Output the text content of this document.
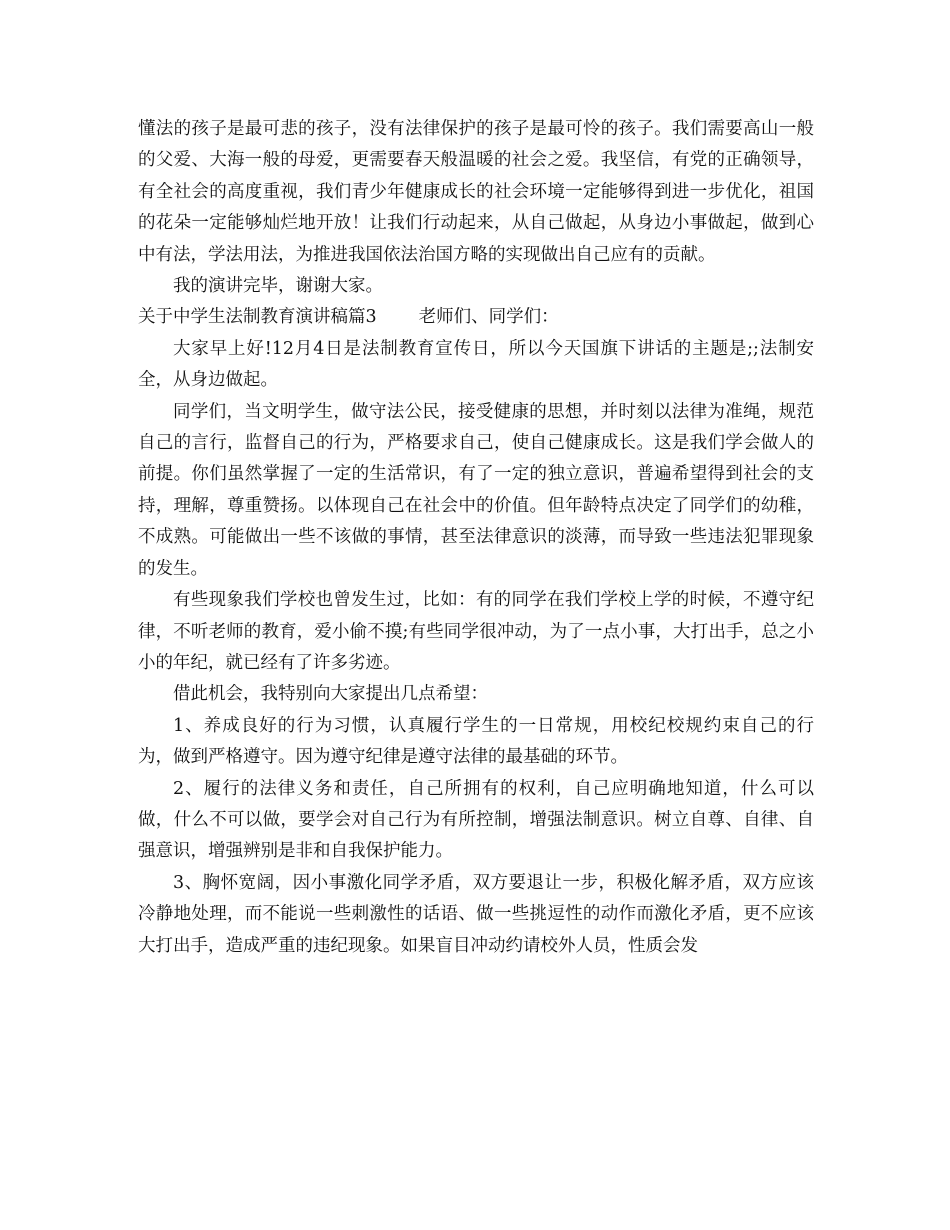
懂法的孩子是最可悲的孩子，没有法律保护的孩子是最可怜的孩子。我们需要高山一般的父爱、大海一般的母爱，更需要春天般温暖的社会之爱。我坚信，有党的正确领导，有全社会的高度重视，我们青少年健康成长的社会环境一定能够得到进一步优化，祖国的花朵一定能够灿烂地开放！让我们行动起来，从自己做起，从身边小事做起，做到心中有法，学法用法，为推进我国依法治国方略的实现做出自己应有的贡献。

我的演讲完毕，谢谢大家。

关于中学生法制教育演讲稿篇3 老师们、同学们：

大家早上好!12月4日是法制教育宣传日，所以今天国旗下讲话的主题是;;法制安全，从身边做起。

同学们，当文明学生，做守法公民，接受健康的思想，并时刻以法律为准绳，规范自己的言行，监督自己的行为，严格要求自己，使自己健康成长。这是我们学会做人的前提。你们虽然掌握了一定的生活常识，有了一定的独立意识，普遍希望得到社会的支持，理解，尊重赞扬。以体现自己在社会中的价值。但年龄特点决定了同学们的幼稚，不成熟。可能做出一些不该做的事情，甚至法律意识的淡薄，而导致一些违法犯罪现象的发生。

有些现象我们学校也曾发生过，比如：有的同学在我们学校上学的时候，不遵守纪律，不听老师的教育，爱小偷不摸;有些同学很冲动，为了一点小事，大打出手，总之小小的年纪，就已经有了许多劣迹。

借此机会，我特别向大家提出几点希望：

1、养成良好的行为习惯，认真履行学生的一日常规，用校纪校规约束自己的行为，做到严格遵守。因为遵守纪律是遵守法律的最基础的环节。

2、履行的法律义务和责任，自己所拥有的权利，自己应明确地知道，什么可以做，什么不可以做，要学会对自己行为有所控制，增强法制意识。树立自尊、自律、自强意识，增强辨别是非和自我保护能力。

3、胸怀宽阔，因小事激化同学矛盾，双方要退让一步，积极化解矛盾，双方应该冷静地处理，而不能说一些刺激性的话语、做一些挑逗性的动作而激化矛盾，更不应该大打出手，造成严重的违纪现象。如果盲目冲动约请校外人员，性质会发
